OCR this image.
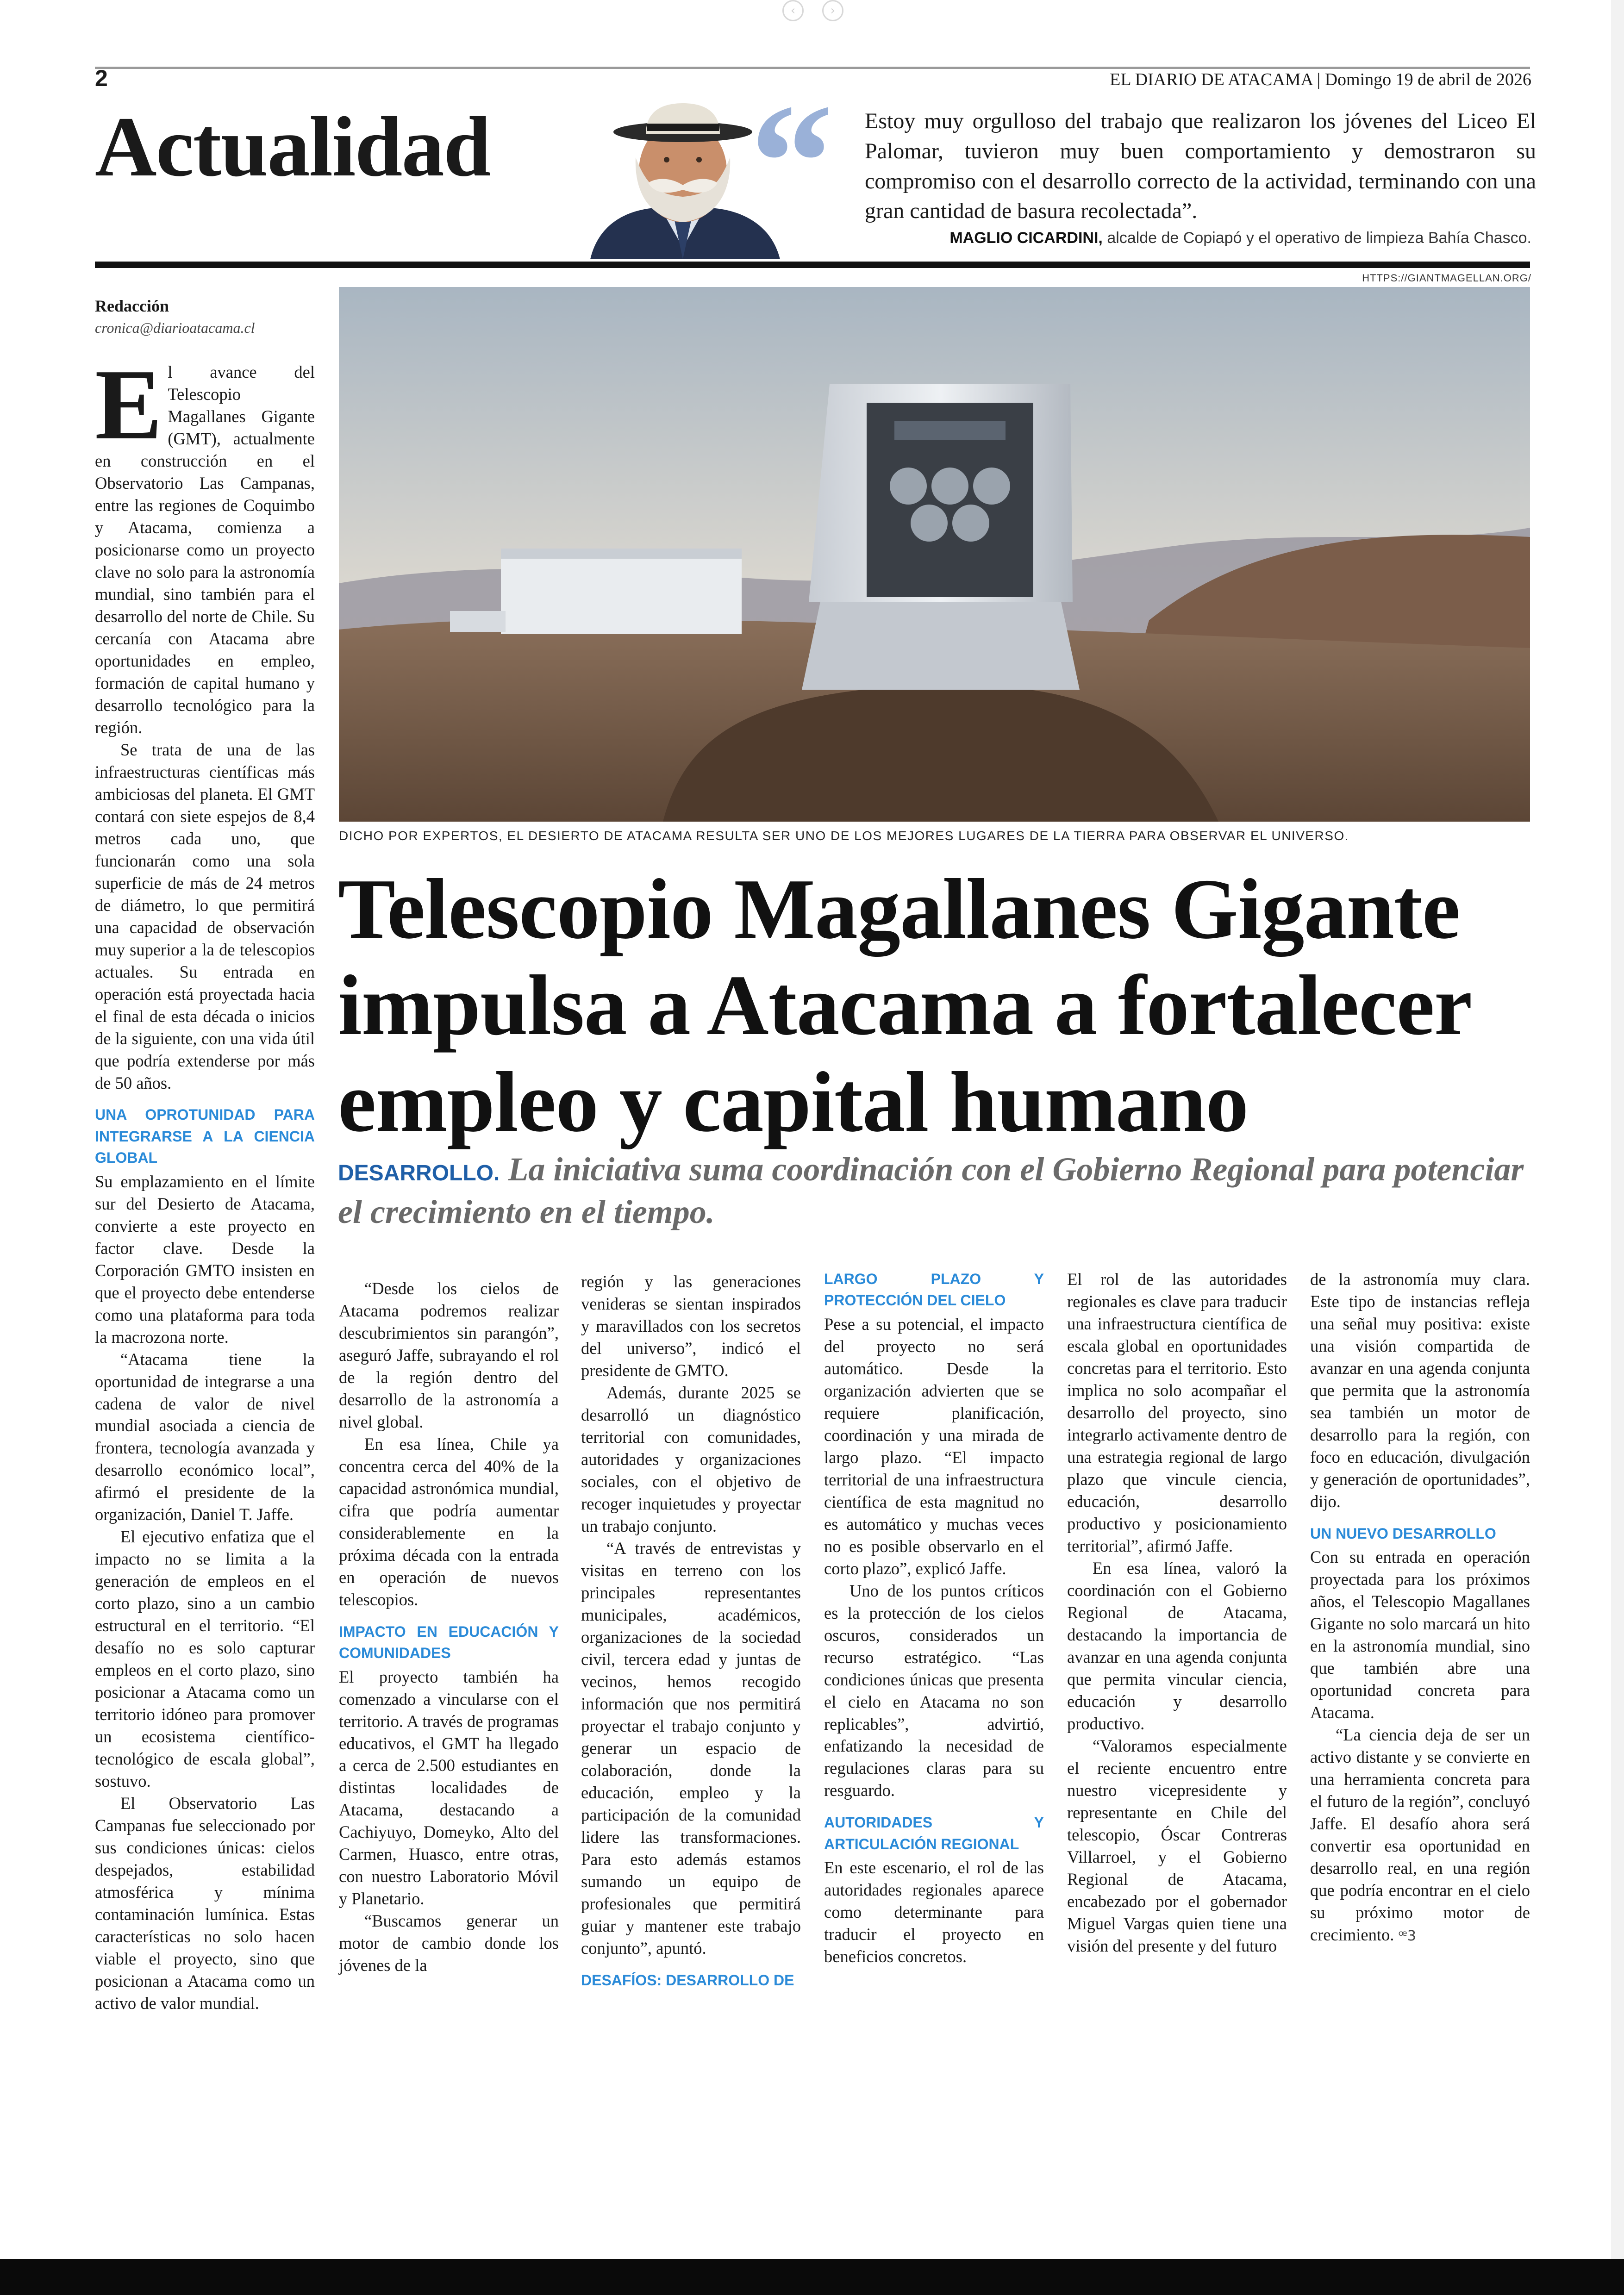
‹	›
2	EL DIARIO DE ATACAMA | Domingo 19 de abril de 2026
Actualidad “ Estoy muy orgulloso del trabajo que realizaron los jóvenes del Liceo El Palomar, tuvieron muy buen comportamiento y demostraron su compromiso con el desarrollo correcto de la actividad, terminando con una gran cantidad de basura recolectada”.
MAGLIO CICARDINI, alcalde de Copiapó y el operativo de limpieza Bahía Chasco.
HTTPS://GIANTMAGELLAN.ORG/
Redacción
cronica@diarioatacama.cl
DICHO POR EXPERTOS, EL DESIERTO DE ATACAMA RESULTA SER UNO DE LOS MEJORES LUGARES DE LA TIERRA PARA OBSERVAR EL UNIVERSO.
Telescopio Magallanes Gigante impulsa a Atacama a fortalecer empleo y capital humano
DESARROLLO. La iniciativa suma coordinación con el Gobierno Regional para potenciar el crecimiento en el tiempo.

El avance del Telescopio Magallanes Gigante (GMT), actualmente en construcción en el Observatorio Las Campanas, entre las regiones de Coquimbo y Atacama, comienza a posicionarse como un proyecto clave no solo para la astronomía mundial, sino también para el desarrollo del norte de Chile. Su cercanía con Atacama abre oportunidades en empleo, formación de capital humano y desarrollo tecnológico para la región.

Se trata de una de las infraestructuras científicas más ambiciosas del planeta. El GMT contará con siete espejos de 8,4 metros cada uno, que funcionarán como una sola superficie de más de 24 metros de diámetro, lo que permitirá una capacidad de observación muy superior a la de telescopios actuales. Su entrada en operación está proyectada hacia el final de esta década o inicios de la siguiente, con una vida útil que podría extenderse por más de 50 años.

UNA OPROTUNIDAD PARA INTEGRARSE A LA CIENCIA GLOBAL

Su emplazamiento en el límite sur del Desierto de Atacama, convierte a este proyecto en factor clave. Desde la Corporación GMTO insisten en que el proyecto debe entenderse como una plataforma para toda la macrozona norte.

“Atacama tiene la oportunidad de integrarse a una cadena de valor de nivel mundial asociada a ciencia de frontera, tecnología avanzada y desarrollo económico local”, afirmó el presidente de la organización, Daniel T. Jaffe.

El ejecutivo enfatiza que el impacto no se limita a la generación de empleos en el corto plazo, sino a un cambio estructural en el territorio. “El desafío no es solo capturar empleos en el corto plazo, sino posicionar a Atacama como un territorio idóneo para promover un ecosistema científico-tecnológico de escala global”, sostuvo.

El Observatorio Las Campanas fue seleccionado por sus condiciones únicas: cielos despejados, estabilidad atmosférica y mínima contaminación lumínica. Estas características no solo hacen viable el proyecto, sino que posicionan a Atacama como un activo de valor mundial.

“Desde los cielos de Atacama podremos realizar descubrimientos sin parangón”, aseguró Jaffe, subrayando el rol de la región dentro del desarrollo de la astronomía a nivel global.

En esa línea, Chile ya concentra cerca del 40% de la capacidad astronómica mundial, cifra que podría aumentar considerablemente en la próxima década con la entrada en operación de nuevos telescopios.

IMPACTO EN EDUCACIÓN Y COMUNIDADES

El proyecto también ha comenzado a vincularse con el territorio. A través de programas educativos, el GMT ha llegado a cerca de 2.500 estudiantes en distintas localidades de Atacama, destacando a Cachiyuyo, Domeyko, Alto del Carmen, Huasco, entre otras, con nuestro Laboratorio Móvil y Planetario.

“Buscamos generar un motor de cambio donde los jóvenes de la

región y las generaciones venideras se sientan inspirados y maravillados con los secretos del universo”, indicó el presidente de GMTO.

Además, durante 2025 se desarrolló un diagnóstico territorial con comunidades, autoridades y organizaciones sociales, con el objetivo de recoger inquietudes y proyectar un trabajo conjunto.

“A través de entrevistas y visitas en terreno con los principales representantes municipales, académicos, organizaciones de la sociedad civil, tercera edad y juntas de vecinos, hemos recogido información que nos permitirá proyectar el trabajo conjunto y generar un espacio de colaboración, donde la educación, empleo y la participación de la comunidad lidere las transformaciones. Para esto además estamos sumando un equipo de profesionales que permitirá guiar y mantener este trabajo conjunto”, apuntó.

DESAFÍOS: DESARROLLO DE

LARGO PLAZO Y PROTECCIÓN DEL CIELO

Pese a su potencial, el impacto del proyecto no será automático. Desde la organización advierten que se requiere planificación, coordinación y una mirada de largo plazo. “El impacto territorial de una infraestructura científica de esta magnitud no es automático y muchas veces no es posible observarlo en el corto plazo”, explicó Jaffe.

Uno de los puntos críticos es la protección de los cielos oscuros, considerados un recurso estratégico. “Las condiciones únicas que presenta el cielo en Atacama no son replicables”, advirtió, enfatizando la necesidad de regulaciones claras para su resguardo.

AUTORIDADES Y ARTICULACIÓN REGIONAL

En este escenario, el rol de las autoridades regionales aparece como determinante para traducir el proyecto en beneficios concretos.

El rol de las autoridades regionales es clave para traducir una infraestructura científica de escala global en oportunidades concretas para el territorio. Esto implica no solo acompañar el desarrollo del proyecto, sino integrarlo activamente dentro de una estrategia regional de largo plazo que vincule ciencia, educación, desarrollo productivo y posicionamiento territorial”, afirmó Jaffe.

En esa línea, valoró la coordinación con el Gobierno Regional de Atacama, destacando la importancia de avanzar en una agenda conjunta que permita vincular ciencia, educación y desarrollo productivo.

“Valoramos especialmente el reciente encuentro entre nuestro vicepresidente y representante en Chile del telescopio, Óscar Contreras Villarroel, y el Gobierno Regional de Atacama, encabezado por el gobernador Miguel Vargas quien tiene una visión del presente y del futuro

de la astronomía muy clara. Este tipo de instancias refleja una señal muy positiva: existe una visión compartida de avanzar en una agenda conjunta que permita que la astronomía sea también un motor de desarrollo para la región, con foco en educación, divulgación y generación de oportunidades”, dijo.

UN NUEVO DESARROLLO

Con su entrada en operación proyectada para los próximos años, el Telescopio Magallanes Gigante no solo marcará un hito en la astronomía mundial, sino que también abre una oportunidad concreta para Atacama.

“La ciencia deja de ser un activo distante y se convierte en una herramienta concreta para el futuro de la región”, concluyó Jaffe. El desafío ahora será convertir esa oportunidad en desarrollo real, en una región que podría encontrar en el cielo su próximo motor de crecimiento. ꟹ3
